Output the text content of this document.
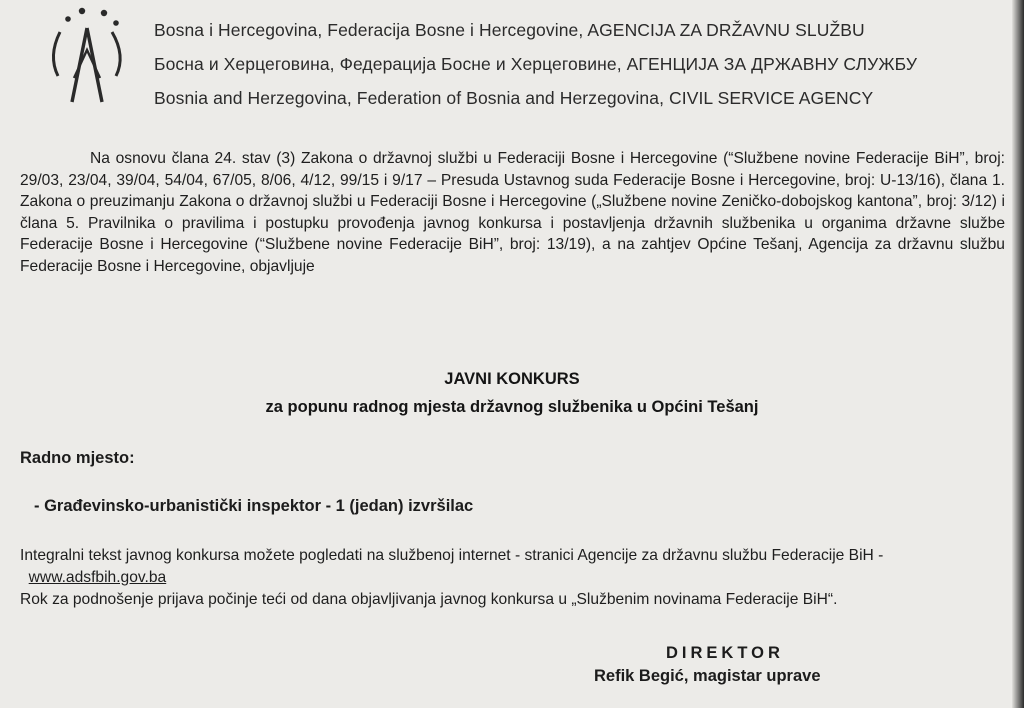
Bosna i Hercegovina, Federacija Bosne i Hercegovine, AGENCIJA ZA DRŽAVNU SLUŽBU
Босна и Херцеговина, Федерација Босне и Херцеговине, АГЕНЦИЈА ЗА ДРЖАВНУ СЛУЖБУ
Bosnia and Herzegovina, Federation of Bosnia and Herzegovina, CIVIL SERVICE AGENCY
Na osnovu člana 24. stav (3) Zakona o državnoj službi u Federaciji Bosne i Hercegovine (“Službene novine Federacije BiH”, broj: 29/03, 23/04, 39/04, 54/04, 67/05, 8/06, 4/12, 99/15 i 9/17 – Presuda Ustavnog suda Federacije Bosne i Hercegovine, broj: U-13/16), člana 1. Zakona o preuzimanju Zakona o državnoj službi u Federaciji Bosne i Hercegovine („Službene novine Zeničko-dobojskog kantona”, broj: 3/12) i člana 5. Pravilnika o pravilima i postupku provođenja javnog konkursa i postavljenja državnih službenika u organima državne službe Federacije Bosne i Hercegovine (“Službene novine Federacije BiH”, broj: 13/19), a na zahtjev Općine Tešanj, Agencija za državnu službu Federacije Bosne i Hercegovine, objavljuje
JAVNI KONKURS
za popunu radnog mjesta državnog službenika u Općini Tešanj
Radno mjesto:
- Građevinsko-urbanistički inspektor - 1 (jedan) izvršilac

Integralni tekst javnog konkursa možete pogledati na službenoj internet - stranici Agencije za državnu službu Federacije BiH -  www.adsfbih.gov.ba

Rok za podnošenje prijava počinje teći od dana objavljivanja javnog konkursa u „Službenim novinama Federacije BiH“.

DIREKTOR
Refik Begić, magistar uprave
